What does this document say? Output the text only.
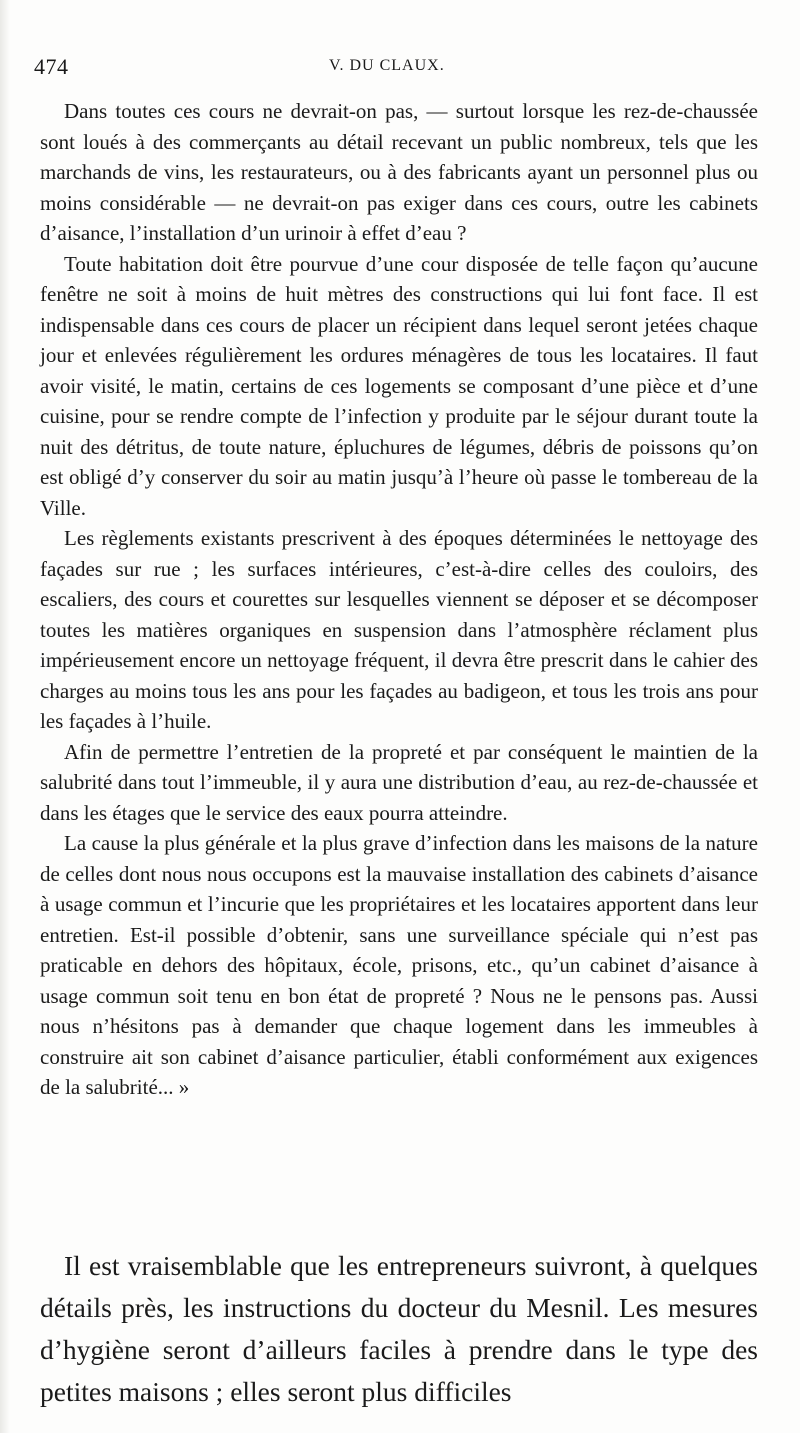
474	V. DU CLAUX.

Dans toutes ces cours ne devrait-on pas, — surtout lorsque les rez-de-chaussée sont loués à des commerçants au détail recevant un public nombreux, tels que les marchands de vins, les restaurateurs, ou à des fabricants ayant un personnel plus ou moins considérable — ne devrait-on pas exiger dans ces cours, outre les cabinets d’aisance, l’installation d’un urinoir à effet d’eau ?

Toute habitation doit être pourvue d’une cour disposée de telle façon qu’aucune fenêtre ne soit à moins de huit mètres des constructions qui lui font face. Il est indispensable dans ces cours de placer un récipient dans lequel seront jetées chaque jour et enlevées régulièrement les ordures ménagères de tous les locataires. Il faut avoir visité, le matin, certains de ces logements se composant d’une pièce et d’une cuisine, pour se rendre compte de l’infection y produite par le séjour durant toute la nuit des détritus, de toute nature, épluchures de légumes, débris de poissons qu’on est obligé d’y conserver du soir au matin jusqu’à l’heure où passe le tombereau de la Ville.

Les règlements existants prescrivent à des époques déterminées le nettoyage des façades sur rue ; les surfaces intérieures, c’est-à-dire celles des couloirs, des escaliers, des cours et courettes sur lesquelles viennent se déposer et se décomposer toutes les matières organiques en suspension dans l’atmosphère réclament plus impérieusement encore un nettoyage fréquent, il devra être prescrit dans le cahier des charges au moins tous les ans pour les façades au badigeon, et tous les trois ans pour les façades à l’huile.

Afin de permettre l’entretien de la propreté et par conséquent le maintien de la salubrité dans tout l’immeuble, il y aura une distribution d’eau, au rez-de-chaussée et dans les étages que le service des eaux pourra atteindre.

La cause la plus générale et la plus grave d’infection dans les maisons de la nature de celles dont nous nous occupons est la mauvaise installation des cabinets d’aisance à usage commun et l’incurie que les propriétaires et les locataires apportent dans leur entretien. Est-il possible d’obtenir, sans une surveillance spéciale qui n’est pas praticable en dehors des hôpitaux, école, prisons, etc., qu’un cabinet d’aisance à usage commun soit tenu en bon état de propreté ? Nous ne le pensons pas. Aussi nous n’hésitons pas à demander que chaque logement dans les immeubles à construire ait son cabinet d’aisance particulier, établi conformément aux exigences de la salubrité... »

Il est vraisemblable que les entrepreneurs suivront, à quelques détails près, les instructions du docteur du Mesnil. Les mesures d’hygiène seront d’ailleurs faciles à prendre dans le type des petites maisons ; elles seront plus difficiles
